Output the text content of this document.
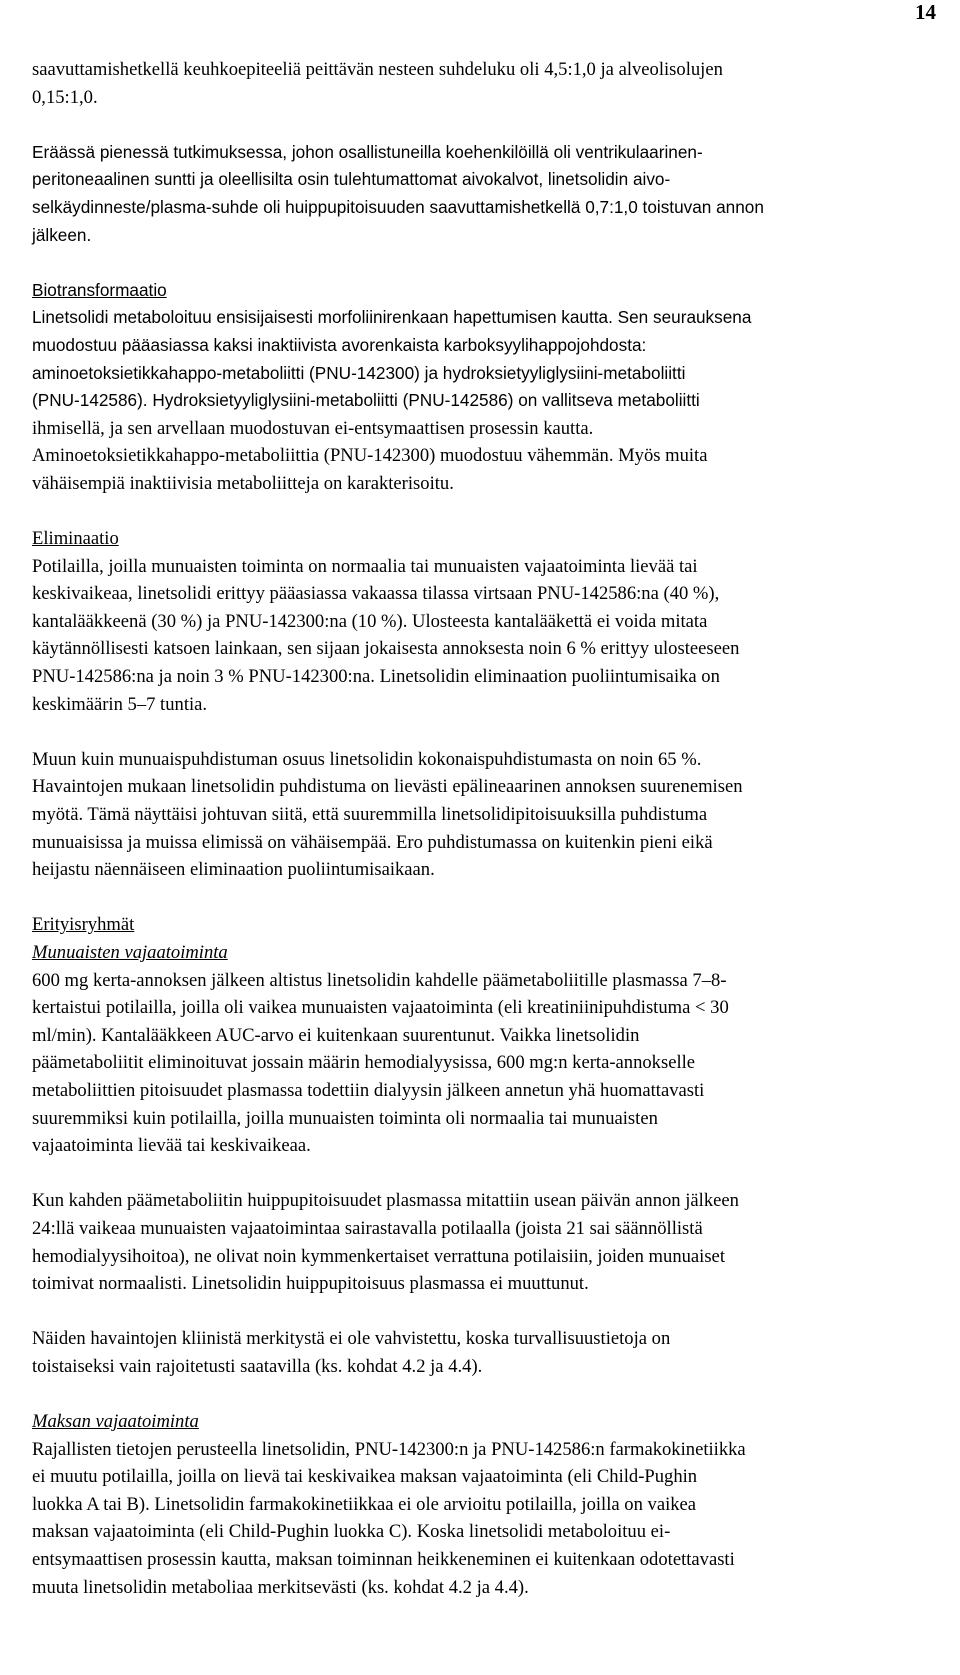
14

saavuttamishetkellä keuhkoepiteeliä peittävän nesteen suhdeluku oli 4,5:1,0 ja alveolisolujen
0,15:1,0.

Eräässä pienessä tutkimuksessa, johon osallistuneilla koehenkilöillä oli ventrikulaarinen-
peritoneaalinen suntti ja oleellisilta osin tulehtumattomat aivokalvot, linetsolidin aivo-
selkäydinneste/plasma-suhde oli huippupitoisuuden saavuttamishetkellä 0,7:1,0 toistuvan annon
jälkeen.

Biotransformaatio

Linetsolidi metaboloituu ensisijaisesti morfoliinirenkaan hapettumisen kautta. Sen seurauksena
muodostuu pääasiassa kaksi inaktiivista avorenkaista karboksyylihappojohdosta:
aminoetoksietikkahappo-metaboliitti (PNU-142300) ja hydroksietyyliglysiini-metaboliitti
(PNU-142586). Hydroksietyyliglysiini-metaboliitti (PNU-142586) on vallitseva metaboliitti
ihmisellä, ja sen arvellaan muodostuvan ei-entsymaattisen prosessin kautta.
Aminoetoksietikkahappo-metaboliittia (PNU-142300) muodostuu vähemmän. Myös muita
vähäisempiä inaktiivisia metaboliitteja on karakterisoitu.

Eliminaatio

Potilailla, joilla munuaisten toiminta on normaalia tai munuaisten vajaatoiminta lievää tai
keskivaikeaa, linetsolidi erittyy pääasiassa vakaassa tilassa virtsaan PNU-142586:na (40 %),
kantalääkkeenä (30 %) ja PNU-142300:na (10 %). Ulosteesta kantalääkettä ei voida mitata
käytännöllisesti katsoen lainkaan, sen sijaan jokaisesta annoksesta noin 6 % erittyy ulosteeseen
PNU-142586:na ja noin 3 % PNU-142300:na. Linetsolidin eliminaation puoliintumisaika on
keskimäärin 5–7 tuntia.

Muun kuin munuaispuhdistuman osuus linetsolidin kokonaispuhdistumasta on noin 65 %.
Havaintojen mukaan linetsolidin puhdistuma on lievästi epälineaarinen annoksen suurenemisen
myötä. Tämä näyttäisi johtuvan siitä, että suuremmilla linetsolidipitoisuuksilla puhdistuma
munuaisissa ja muissa elimissä on vähäisempää. Ero puhdistumassa on kuitenkin pieni eikä
heijastu näennäiseen eliminaation puoliintumisaikaan.

Erityisryhmät

Munuaisten vajaatoiminta

600 mg kerta-annoksen jälkeen altistus linetsolidin kahdelle päämetaboliitille plasmassa 7–8-
kertaistui potilailla, joilla oli vaikea munuaisten vajaatoiminta (eli kreatiniinipuhdistuma < 30
ml/min). Kantalääkkeen AUC-arvo ei kuitenkaan suurentunut. Vaikka linetsolidin
päämetaboliitit eliminoituvat jossain määrin hemodialyysissa, 600 mg:n kerta-annokselle
metaboliittien pitoisuudet plasmassa todettiin dialyysin jälkeen annetun yhä huomattavasti
suuremmiksi kuin potilailla, joilla munuaisten toiminta oli normaalia tai munuaisten
vajaatoiminta lievää tai keskivaikeaa.

Kun kahden päämetaboliitin huippupitoisuudet plasmassa mitattiin usean päivän annon jälkeen
24:llä vaikeaa munuaisten vajaatoimintaa sairastavalla potilaalla (joista 21 sai säännöllistä
hemodialyysihoitoa), ne olivat noin kymmenkertaiset verrattuna potilaisiin, joiden munuaiset
toimivat normaalisti. Linetsolidin huippupitoisuus plasmassa ei muuttunut.

Näiden havaintojen kliinistä merkitystä ei ole vahvistettu, koska turvallisuustietoja on
toistaiseksi vain rajoitetusti saatavilla (ks. kohdat 4.2 ja 4.4).

Maksan vajaatoiminta

Rajallisten tietojen perusteella linetsolidin, PNU-142300:n ja PNU-142586:n farmakokinetiikka
ei muutu potilailla, joilla on lievä tai keskivaikea maksan vajaatoiminta (eli Child-Pughin
luokka A tai B). Linetsolidin farmakokinetiikkaa ei ole arvioitu potilailla, joilla on vaikea
maksan vajaatoiminta (eli Child-Pughin luokka C). Koska linetsolidi metaboloituu ei-
entsymaattisen prosessin kautta, maksan toiminnan heikkeneminen ei kuitenkaan odotettavasti
muuta linetsolidin metaboliaa merkitsevästi (ks. kohdat 4.2 ja 4.4).
